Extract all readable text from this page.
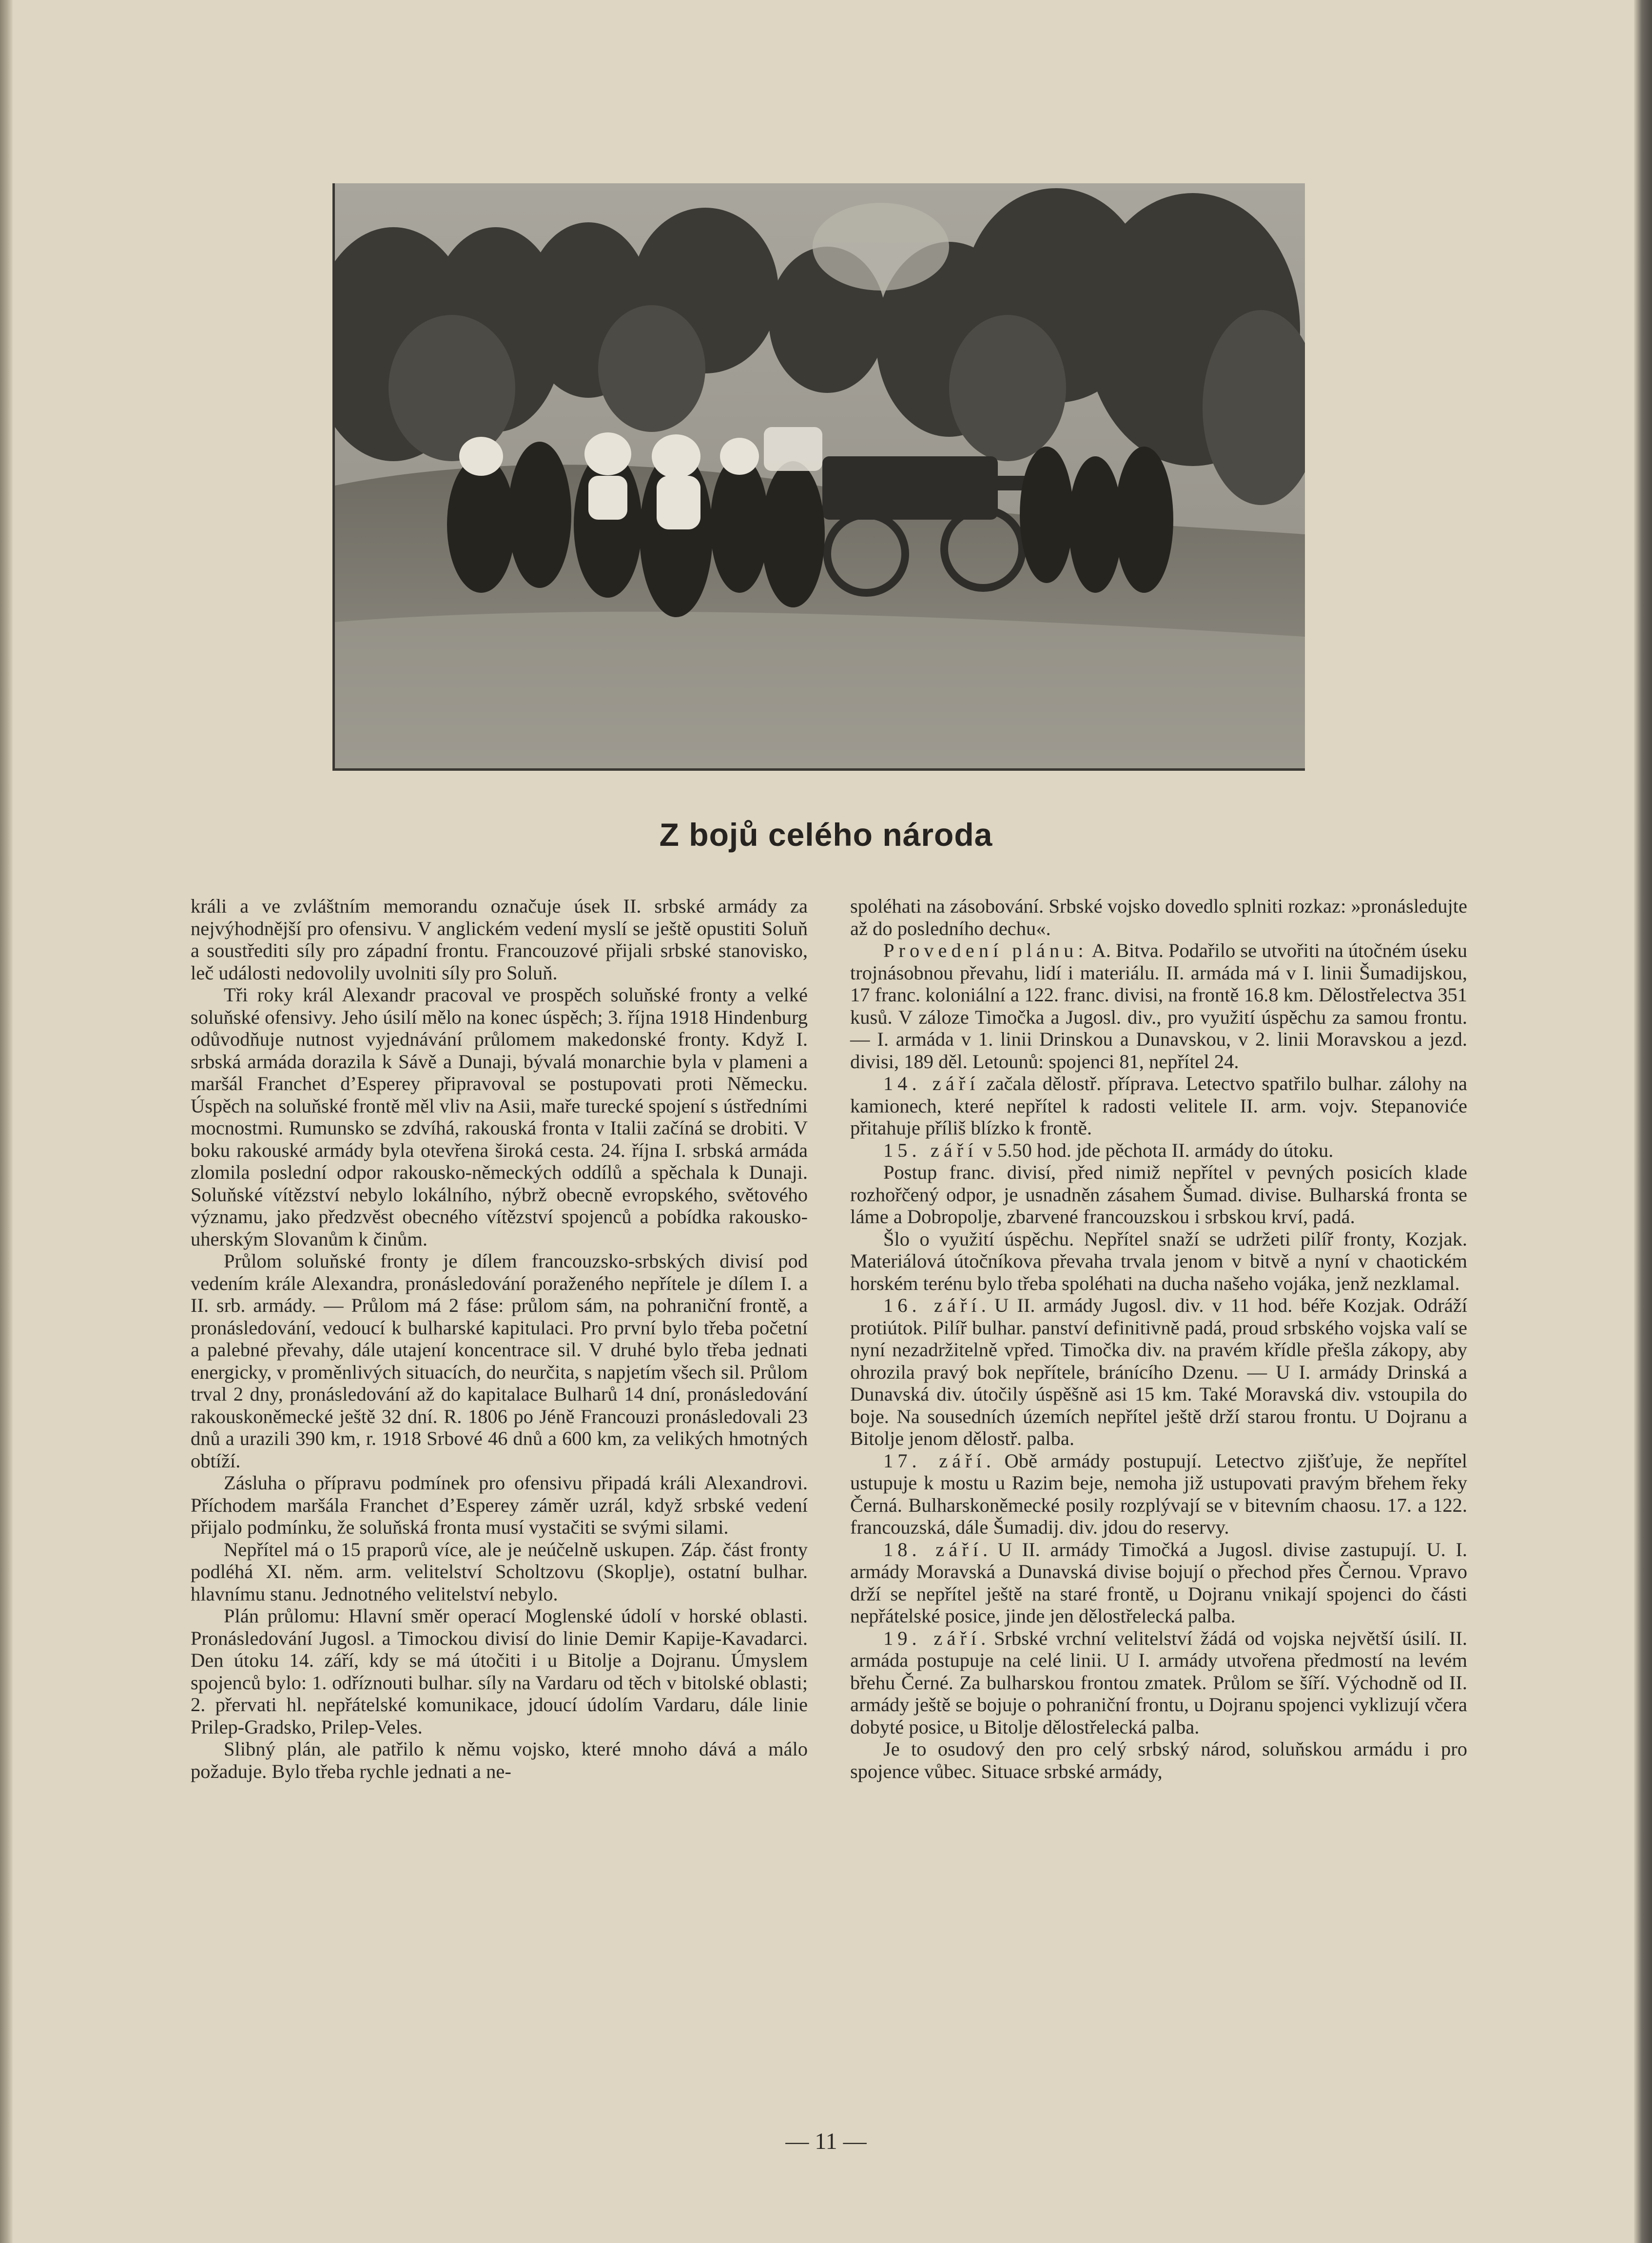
Z bojů celého národa

králi a ve zvláštním memorandu označuje úsek II. srbské armády za nejvýhodnější pro ofensivu. V anglickém vedení myslí se ještě opustiti Soluň a soustřediti síly pro západní frontu. Francouzové přijali srbské stanovisko, leč události nedovolily uvolniti síly pro Soluň.

Tři roky král Alexandr pracoval ve prospěch soluňské fronty a velké soluňské ofensivy. Jeho úsilí mělo na konec úspěch; 3. října 1918 Hindenburg odůvodňuje nutnost vyjednávání průlomem makedonské fronty. Když I. srbská armáda dorazila k Sávě a Dunaji, bývalá monarchie byla v plameni a maršál Franchet d’Esperey připravoval se postupovati proti Německu. Úspěch na soluňské frontě měl vliv na Asii, maře turecké spojení s ústředními mocnostmi. Rumunsko se zdvíhá, rakouská fronta v Italii začíná se drobiti. V boku rakouské armády byla otevřena široká cesta. 24. října I. srbská armáda zlomila poslední odpor rakousko-německých oddílů a spěchala k Dunaji. Soluňské vítězství nebylo lokálního, nýbrž obecně evropského, světového významu, jako předzvěst obecného vítězství spojenců a pobídka rakousko-uherským Slovanům k činům.

Průlom soluňské fronty je dílem francouzsko-srbských divisí pod vedením krále Alexandra, pronásledování poraženého nepřítele je dílem I. a II. srb. armády. — Průlom má 2 fáse: průlom sám, na pohraniční frontě, a pronásledování, vedoucí k bulharské kapitulaci. Pro první bylo třeba početní a palebné převahy, dále utajení koncentrace sil. V druhé bylo třeba jednati energicky, v proměnlivých situacích, do neurčita, s napjetím všech sil. Průlom trval 2 dny, pronásledování až do kapitalace Bulharů 14 dní, pronásledování rakouskoněmecké ještě 32 dní. R. 1806 po Jéně Francouzi pronásledovali 23 dnů a urazili 390 km, r. 1918 Srbové 46 dnů a 600 km, za velikých hmotných obtíží.

Zásluha o přípravu podmínek pro ofensivu připadá králi Alexandrovi. Příchodem maršála Franchet d’Esperey záměr uzrál, když srbské vedení přijalo podmínku, že soluňská fronta musí vystačiti se svými silami.

Nepřítel má o 15 praporů více, ale je neúčelně uskupen. Záp. část fronty podléhá XI. něm. arm. velitelství Scholtzovu (Skoplje), ostatní bulhar. hlavnímu stanu. Jednotného velitelství nebylo.

Plán průlomu: Hlavní směr operací Moglenské údolí v horské oblasti. Pronásledování Jugosl. a Timockou divisí do linie Demir Kapije-Kavadarci. Den útoku 14. září, kdy se má útočiti i u Bitolje a Dojranu. Úmyslem spojenců bylo: 1. odříznouti bulhar. síly na Vardaru od těch v bitolské oblasti; 2. přervati hl. nepřátelské komunikace, jdoucí údolím Vardaru, dále linie Prilep-Gradsko, Prilep-Veles.

Slibný plán, ale patřilo k němu vojsko, které mnoho dává a málo požaduje. Bylo třeba rychle jednati a ne-

spoléhati na zásobování. Srbské vojsko dovedlo splniti rozkaz: »pronásledujte až do posledního dechu«.

Provedení plánu: A. Bitva. Podařilo se utvořiti na útočném úseku trojnásobnou převahu, lidí i materiálu. II. armáda má v I. linii Šumadijskou, 17 franc. koloniální a 122. franc. divisi, na frontě 16.8 km. Dělostřelectva 351 kusů. V záloze Timočka a Jugosl. div., pro využití úspěchu za samou frontu. — I. armáda v 1. linii Drinskou a Dunavskou, v 2. linii Moravskou a jezd. divisi, 189 děl. Letounů: spojenci 81, nepřítel 24.

14. září začala dělostř. příprava. Letectvo spatřilo bulhar. zálohy na kamionech, které nepřítel k radosti velitele II. arm. vojv. Stepanoviće přitahuje příliš blízko k frontě.

15. září v 5.50 hod. jde pěchota II. armády do útoku.

Postup franc. divisí, před nimiž nepřítel v pevných posicích klade rozhořčený odpor, je usnadněn zásahem Šumad. divise. Bulharská fronta se láme a Dobropolje, zbarvené francouzskou i srbskou krví, padá.

Šlo o využití úspěchu. Nepřítel snaží se udržeti pilíř fronty, Kozjak. Materiálová útočníkova převaha trvala jenom v bitvě a nyní v chaotickém horském terénu bylo třeba spoléhati na ducha našeho vojáka, jenž nezklamal.

16. září. U II. armády Jugosl. div. v 11 hod. béře Kozjak. Odráží protiútok. Pilíř bulhar. panství definitivně padá, proud srbského vojska valí se nyní nezadržitelně vpřed. Timočka div. na pravém křídle přešla zákopy, aby ohrozila pravý bok nepřítele, bránícího Dzenu. — U I. armády Drinská a Dunavská div. útočily úspěšně asi 15 km. Také Moravská div. vstoupila do boje. Na sousedních územích nepřítel ještě drží starou frontu. U Dojranu a Bitolje jenom dělostř. palba.

17. září. Obě armády postupují. Letectvo zjišťuje, že nepřítel ustupuje k mostu u Razim beje, nemoha již ustupovati pravým břehem řeky Černá. Bulharskoněmecké posily rozplývají se v bitevním chaosu. 17. a 122. francouzská, dále Šumadij. div. jdou do reservy.

18. září. U II. armády Timočká a Jugosl. divise zastupují. U. I. armády Moravská a Dunavská divise bojují o přechod přes Černou. Vpravo drží se nepřítel ještě na staré frontě, u Dojranu vnikají spojenci do části nepřátelské posice, jinde jen dělostřelecká palba.

19. září. Srbské vrchní velitelství žádá od vojska největší úsilí. II. armáda postupuje na celé linii. U I. armády utvořena předmostí na levém břehu Černé. Za bulharskou frontou zmatek. Průlom se šíří. Východně od II. armády ještě se bojuje o pohraniční frontu, u Dojranu spojenci vyklizují včera dobyté posice, u Bitolje dělostřelecká palba.

Je to osudový den pro celý srbský národ, soluňskou armádu i pro spojence vůbec. Situace srbské armády,

— 11 —
